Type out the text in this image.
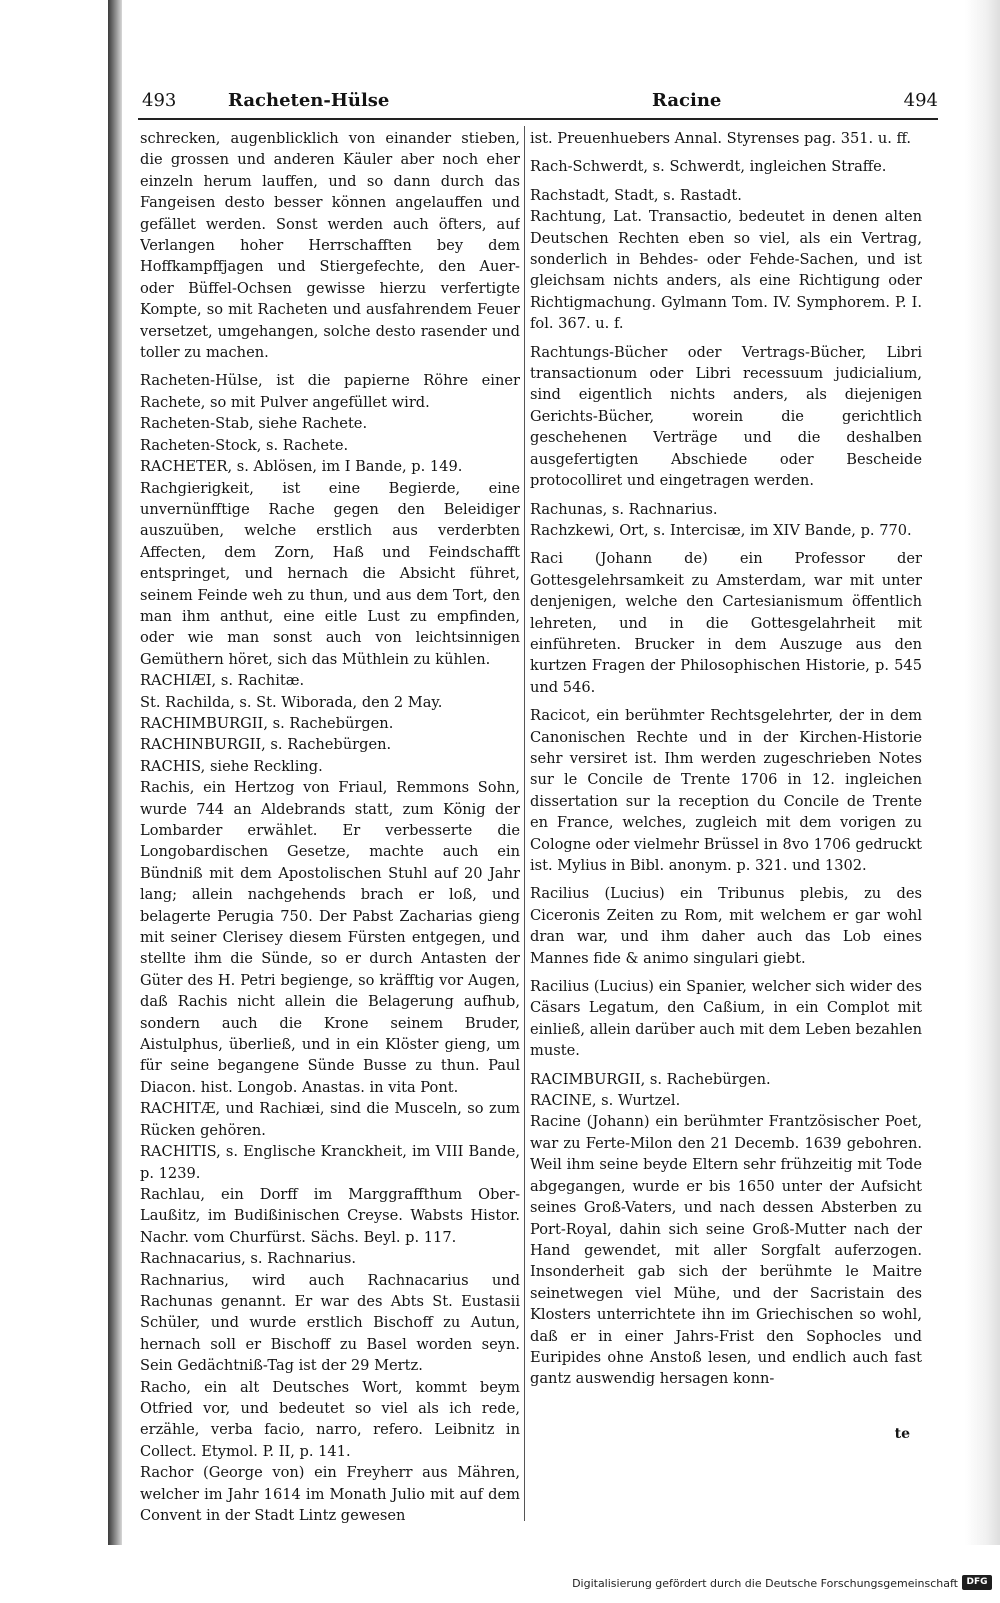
493	Racheten-Hülse	Racine	494

schrecken, augenblicklich von einander stieben, die grossen und anderen Käuler aber noch eher einzeln herum lauffen, und so dann durch das Fangeisen desto besser können angelauffen und gefället werden. Sonst werden auch öfters, auf Verlangen hoher Herrschafften bey dem Hoffkampffjagen und Stiergefechte, den Auer- oder Büffel-Ochsen gewisse hierzu verfertigte Kompte, so mit Racheten und ausfahrendem Feuer versetzet, umgehangen, solche desto rasender und toller zu machen.

Racheten-Hülse, ist die papierne Röhre einer Rachete, so mit Pulver angefüllet wird.

Racheten-Stab, siehe Rachete.

Racheten-Stock, s. Rachete.

RACHETER, s. Ablösen, im I Bande, p. 149.

Rachgierigkeit, ist eine Begierde, eine unvernünfftige Rache gegen den Beleidiger auszuüben, welche erstlich aus verderbten Affecten, dem Zorn, Haß und Feindschafft entspringet, und hernach die Absicht führet, seinem Feinde weh zu thun, und aus dem Tort, den man ihm anthut, eine eitle Lust zu empfinden, oder wie man sonst auch von leichtsinnigen Gemüthern höret, sich das Müthlein zu kühlen.

RACHIÆI, s. Rachitæ.

St. Rachilda, s. St. Wiborada, den 2 May.

RACHIMBURGII, s. Rachebürgen.

RACHINBURGII, s. Rachebürgen.

RACHIS, siehe Reckling.

Rachis, ein Hertzog von Friaul, Remmons Sohn, wurde 744 an Aldebrands statt, zum König der Lombarder erwählet. Er verbesserte die Longobardischen Gesetze, machte auch ein Bündniß mit dem Apostolischen Stuhl auf 20 Jahr lang; allein nachgehends brach er loß, und belagerte Perugia 750. Der Pabst Zacharias gieng mit seiner Clerisey diesem Fürsten entgegen, und stellte ihm die Sünde, so er durch Antasten der Güter des H. Petri begienge, so kräfftig vor Augen, daß Rachis nicht allein die Belagerung aufhub, sondern auch die Krone seinem Bruder, Aistulphus, überließ, und in ein Klöster gieng, um für seine begangene Sünde Busse zu thun. Paul Diacon. hist. Longob. Anastas. in vita Pont.

RACHITÆ, und Rachiæi, sind die Musceln, so zum Rücken gehören.

RACHITIS, s. Englische Kranckheit, im VIII Bande, p. 1239.

Rachlau, ein Dorff im Marggraffthum Ober-Laußitz, im Budißinischen Creyse. Wabsts Histor. Nachr. vom Churfürst. Sächs. Beyl. p. 117.

Rachnacarius, s. Rachnarius.

Rachnarius, wird auch Rachnacarius und Rachunas genannt. Er war des Abts St. Eustasii Schüler, und wurde erstlich Bischoff zu Autun, hernach soll er Bischoff zu Basel worden seyn. Sein Gedächtniß-Tag ist der 29 Mertz.

Racho, ein alt Deutsches Wort, kommt beym Otfried vor, und bedeutet so viel als ich rede, erzähle, verba facio, narro, refero. Leibnitz in Collect. Etymol. P. II, p. 141.

Rachor (George von) ein Freyherr aus Mähren, welcher im Jahr 1614 im Monath Julio mit auf dem Convent in der Stadt Lintz gewesen

ist. Preuenhuebers Annal. Styrenses pag. 351. u. ff.

Rach-Schwerdt, s. Schwerdt, ingleichen Straffe.

Rachstadt, Stadt, s. Rastadt.

Rachtung, Lat. Transactio, bedeutet in denen alten Deutschen Rechten eben so viel, als ein Vertrag, sonderlich in Behdes- oder Fehde-Sachen, und ist gleichsam nichts anders, als eine Richtigung oder Richtigmachung. Gylmann Tom. IV. Symphorem. P. I. fol. 367. u. f.

Rachtungs-Bücher oder Vertrags-Bücher, Libri transactionum oder Libri recessuum judicialium, sind eigentlich nichts anders, als diejenigen Gerichts-Bücher, worein die gerichtlich geschehenen Verträge und die deshalben ausgefertigten Abschiede oder Bescheide protocolliret und eingetragen werden.

Rachunas, s. Rachnarius.

Rachzkewi, Ort, s. Intercisæ, im XIV Bande, p. 770.

Raci (Johann de) ein Professor der Gottesgelehrsamkeit zu Amsterdam, war mit unter denjenigen, welche den Cartesianismum öffentlich lehreten, und in die Gottesgelahrheit mit einführeten. Brucker in dem Auszuge aus den kurtzen Fragen der Philosophischen Historie, p. 545 und 546.

Racicot, ein berühmter Rechtsgelehrter, der in dem Canonischen Rechte und in der Kirchen-Historie sehr versiret ist. Ihm werden zugeschrieben Notes sur le Concile de Trente 1706 in 12. ingleichen dissertation sur la reception du Concile de Trente en France, welches, zugleich mit dem vorigen zu Cologne oder vielmehr Brüssel in 8vo 1706 gedruckt ist. Mylius in Bibl. anonym. p. 321. und 1302.

Racilius (Lucius) ein Tribunus plebis, zu des Ciceronis Zeiten zu Rom, mit welchem er gar wohl dran war, und ihm daher auch das Lob eines Mannes fide & animo singulari giebt.

Racilius (Lucius) ein Spanier, welcher sich wider des Cäsars Legatum, den Caßium, in ein Complot mit einließ, allein darüber auch mit dem Leben bezahlen muste.

RACIMBURGII, s. Rachebürgen.

RACINE, s. Wurtzel.

Racine (Johann) ein berühmter Frantzösischer Poet, war zu Ferte-Milon den 21 Decemb. 1639 gebohren. Weil ihm seine beyde Eltern sehr frühzeitig mit Tode abgegangen, wurde er bis 1650 unter der Aufsicht seines Groß-Vaters, und nach dessen Absterben zu Port-Royal, dahin sich seine Groß-Mutter nach der Hand gewendet, mit aller Sorgfalt auferzogen. Insonderheit gab sich der berühmte le Maitre seinetwegen viel Mühe, und der Sacristain des Klosters unterrichtete ihn im Griechischen so wohl, daß er in einer Jahrs-Frist den Sophocles und Euripides ohne Anstoß lesen, und endlich auch fast gantz auswendig hersagen konn-

te
Digitalisierung gefördert durch die Deutsche Forschungsgemeinschaft DFG
